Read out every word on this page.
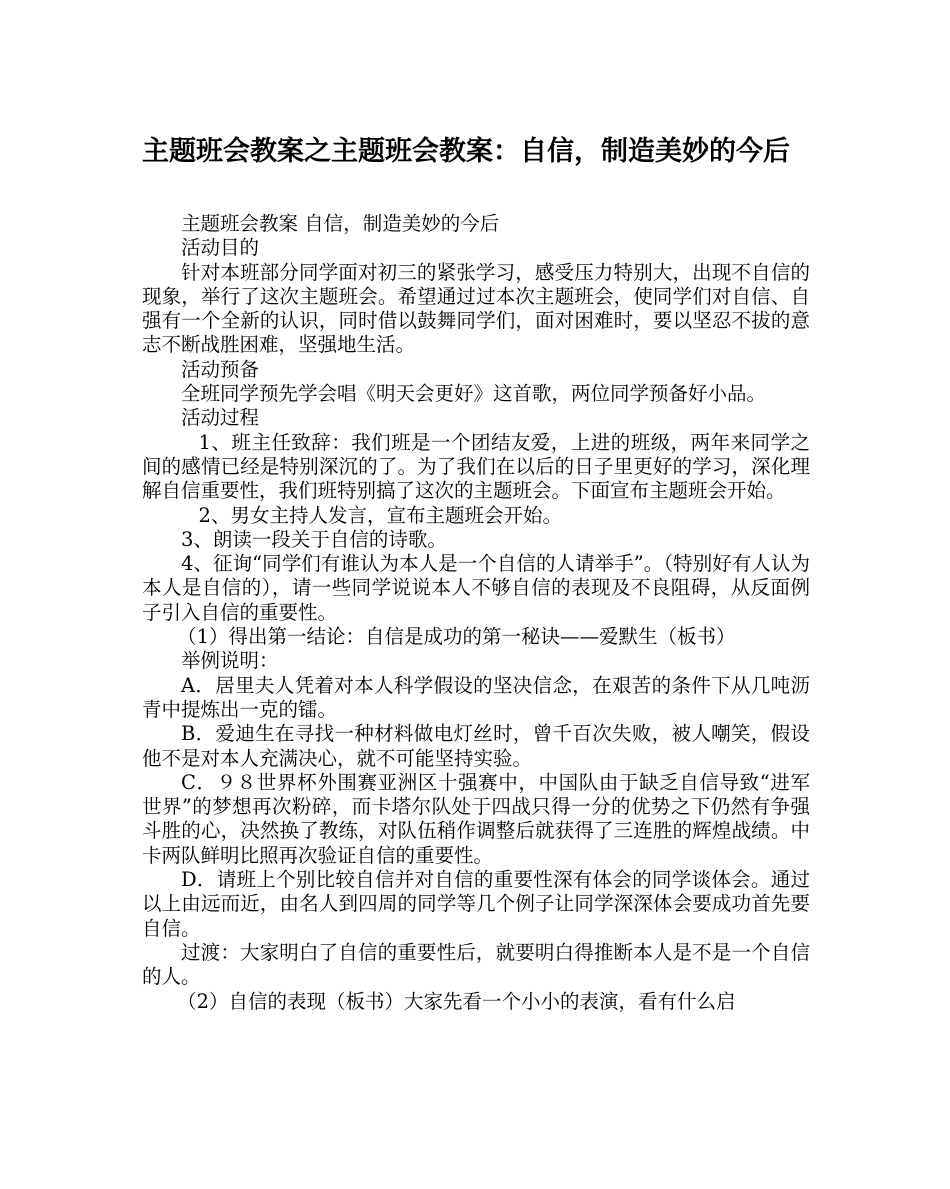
主题班会教案之主题班会教案：自信，制造美妙的今后

主题班会教案 自信，制造美妙的今后

活动目的

针对本班部分同学面对初三的紧张学习，感受压力特别大，出现不自信的现象，举行了这次主题班会。希望通过过本次主题班会，使同学们对自信、自强有一个全新的认识，同时借以鼓舞同学们，面对困难时，要以坚忍不拔的意志不断战胜困难，坚强地生活。

活动预备

全班同学预先学会唱《明天会更好》这首歌，两位同学预备好小品。

活动过程

1、班主任致辞：我们班是一个团结友爱，上进的班级，两年来同学之间的感情已经是特别深沉的了。为了我们在以后的日子里更好的学习，深化理解自信重要性，我们班特别搞了这次的主题班会。下面宣布主题班会开始。

2、男女主持人发言，宣布主题班会开始。

3、朗读一段关于自信的诗歌。

4、征询“同学们有谁认为本人是一个自信的人请举手”。（特别好有人认为本人是自信的），请一些同学说说本人不够自信的表现及不良阻碍，从反面例子引入自信的重要性。

（1）得出第一结论：自信是成功的第一秘诀——爱默生（板书）

举例说明：

A．居里夫人凭着对本人科学假设的坚决信念，在艰苦的条件下从几吨沥青中提炼出一克的镭。

B．爱迪生在寻找一种材料做电灯丝时，曾千百次失败，被人嘲笑，假设他不是对本人充满决心，就不可能坚持实验。

C．９８世界杯外围赛亚洲区十强赛中，中国队由于缺乏自信导致“进军世界”的梦想再次粉碎，而卡塔尔队处于四战只得一分的优势之下仍然有争强斗胜的心，决然换了教练，对队伍稍作调整后就获得了三连胜的辉煌战绩。中卡两队鲜明比照再次验证自信的重要性。

D．请班上个别比较自信并对自信的重要性深有体会的同学谈体会。通过以上由远而近，由名人到四周的同学等几个例子让同学深深体会要成功首先要自信。

过渡：大家明白了自信的重要性后，就要明白得推断本人是不是一个自信的人。

（2）自信的表现（板书）大家先看一个小小的表演，看有什么启
